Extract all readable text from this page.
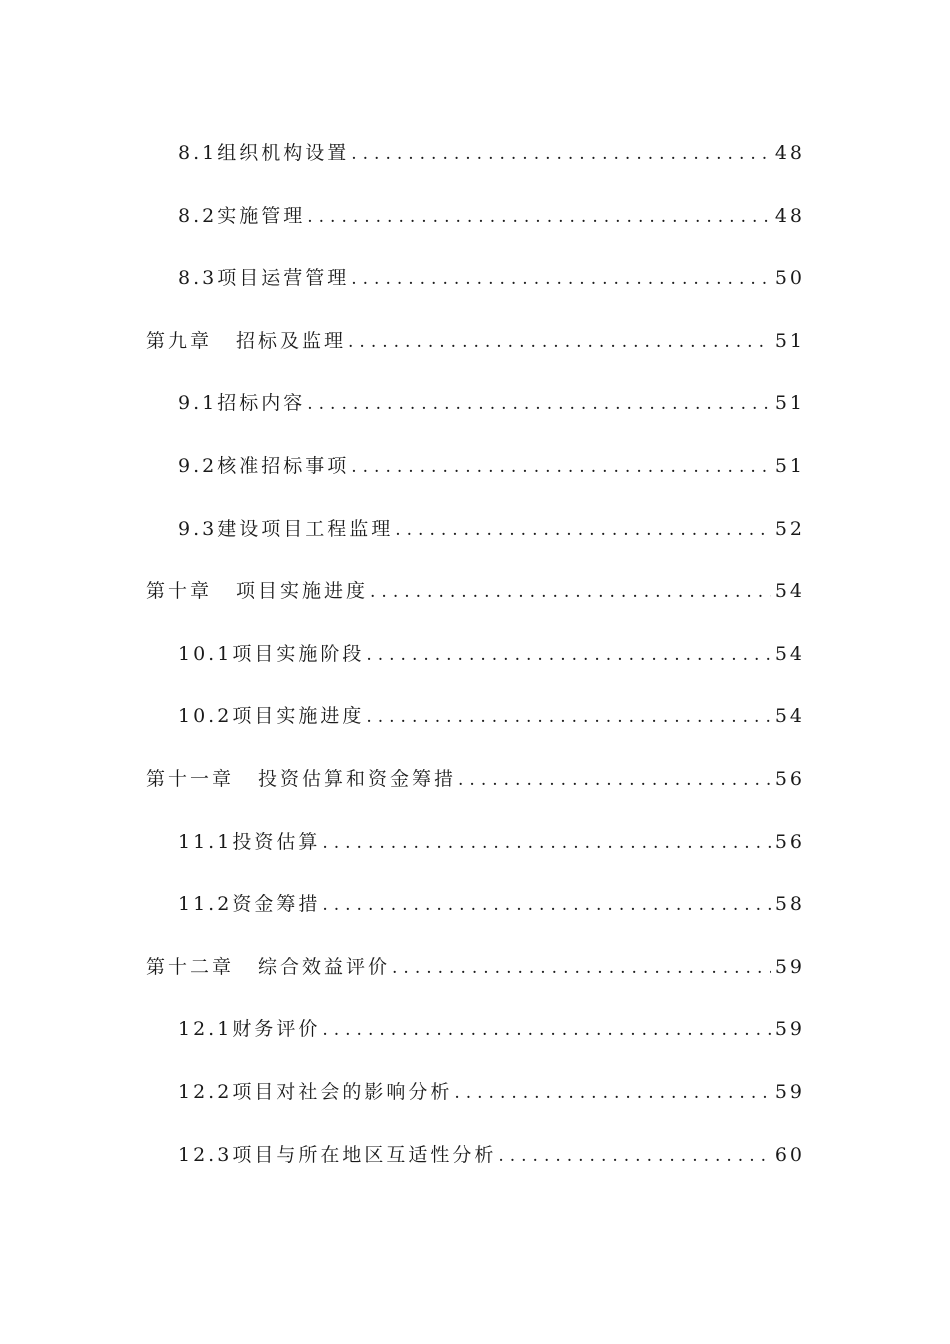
8.1组织机构设置 .....	48
8.2实施管理 .....	48
8.3项目运营管理 .....	50
第九章 招标及监理 .....	51
9.1招标内容 .....	51
9.2核准招标事项 .....	51
9.3建设项目工程监理 .....	52
第十章 项目实施进度 .....	54
10.1项目实施阶段 .....	54
10.2项目实施进度 .....	54
第十一章 投资估算和资金筹措 .....	56
11.1投资估算 .....	56
11.2资金筹措 .....	58
第十二章 综合效益评价 .....	59
12.1财务评价 .....	59
12.2项目对社会的影响分析 .....	59
12.3项目与所在地区互适性分析 .....	60
